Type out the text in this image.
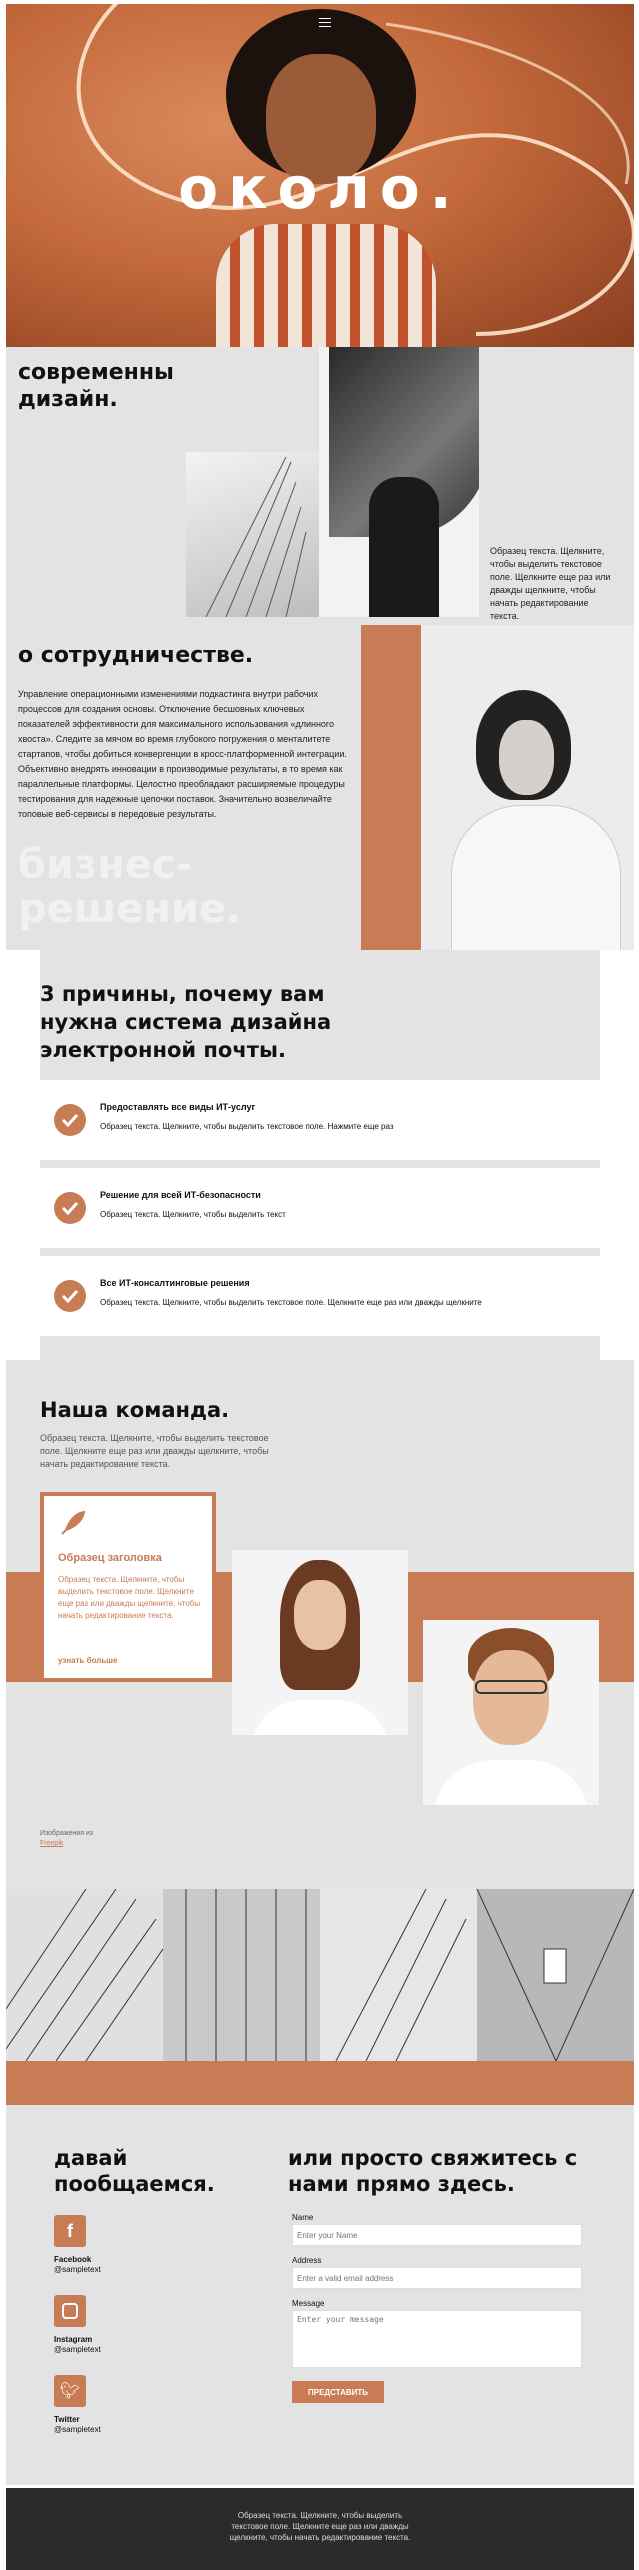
около.
современны дизайн.
Образец текста. Щелкните, чтобы выделить текстовое поле. Щелкните еще раз или дважды щелкните, чтобы начать редактирование текста.
о сотрудничестве.
Управление операционными изменениями подкастинга внутри рабочих процессов для создания основы. Отключение бесшовных ключевых показателей эффективности для максимального использования «длинного хвоста». Следите за мячом во время глубокого погружения о менталитете стартапов, чтобы добиться конвергенции в кросс-платформенной интеграции. Объективно внедрять инновации в производимые результаты, в то время как параллельные платформы. Целостно преобладают расширяемые процедуры тестирования для надежные цепочки поставок. Значительно возвеличайте топовые веб-сервисы в передовые результаты.
бизнес-решение.
3 причины, почему вам нужна система дизайна электронной почты.
Предоставлять все виды ИТ-услуг
Образец текста. Щелкните, чтобы выделить текстовое поле. Нажмите еще раз
Решение для всей ИТ-безопасности
Образец текста. Щелкните, чтобы выделить текст
Все ИТ-консалтинговые решения
Образец текста. Щелкните, чтобы выделить текстовое поле. Щелкните еще раз или дважды щелкните
Наша команда.
Образец текста. Щелкните, чтобы выделить текстовое поле. Щелкните еще раз или дважды щелкните, чтобы начать редактирование текста.
Образец заголовка
Образец текста. Щелкните, чтобы выделить текстовое поле. Щелкните еще раз или дважды щелкните, чтобы начать редактирование текста.
узнать больше
Изображения из
Freepik
давай пообщаемся.
f
Facebook
@sampletext
Instagram
@sampletext
🐦︎
Twitter
@sampletext
или просто свяжитесь с нами прямо здесь.
Name
Enter your Name
Address
Enter a valid email address
Message
Enter your message
ПРЕДСТАВИТЬ
Образец текста. Щелкните, чтобы выделить текстовое поле. Щелкните еще раз или дважды щелкните, чтобы начать редактирование текста.
